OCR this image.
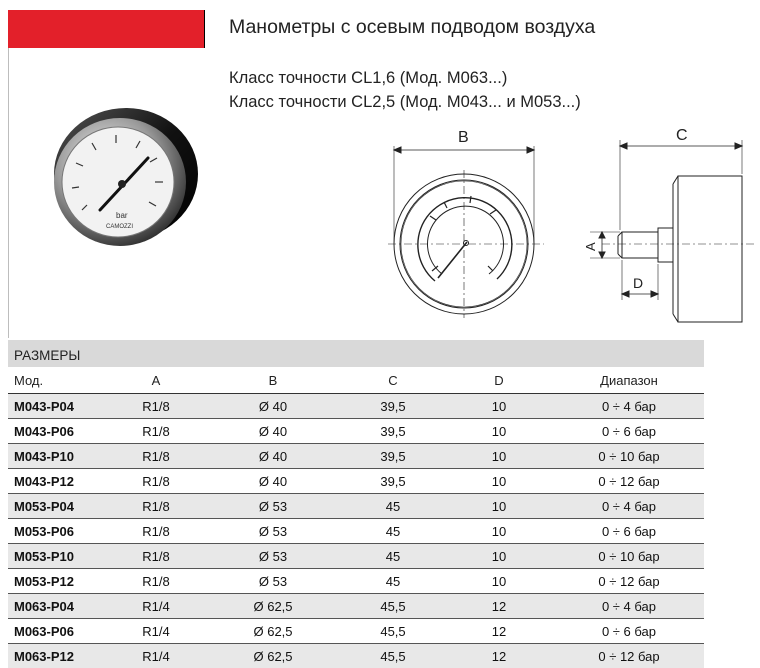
Манометры с осевым подводом воздуха
Класс точности CL1,6 (Мод. M063...)
Класс точности CL2,5 (Мод. M043... и M053...)
bar
CAMOZZI
B	C
A
D
РАЗМЕРЫ
Мод.	A	B	C	D	Диапазон
M043-P04	R1/8	Ø 40	39,5	10	0 ÷ 4 бар
M043-P06	R1/8	Ø 40	39,5	10	0 ÷ 6 бар
M043-P10	R1/8	Ø 40	39,5	10	0 ÷ 10 бар
M043-P12	R1/8	Ø 40	39,5	10	0 ÷ 12 бар
M053-P04	R1/8	Ø 53	45	10	0 ÷ 4 бар
M053-P06	R1/8	Ø 53	45	10	0 ÷ 6 бар
M053-P10	R1/8	Ø 53	45	10	0 ÷ 10 бар
M053-P12	R1/8	Ø 53	45	10	0 ÷ 12 бар
M063-P04	R1/4	Ø 62,5	45,5	12	0 ÷ 4 бар
M063-P06	R1/4	Ø 62,5	45,5	12	0 ÷ 6 бар
M063-P12	R1/4	Ø 62,5	45,5	12	0 ÷ 12 бар
